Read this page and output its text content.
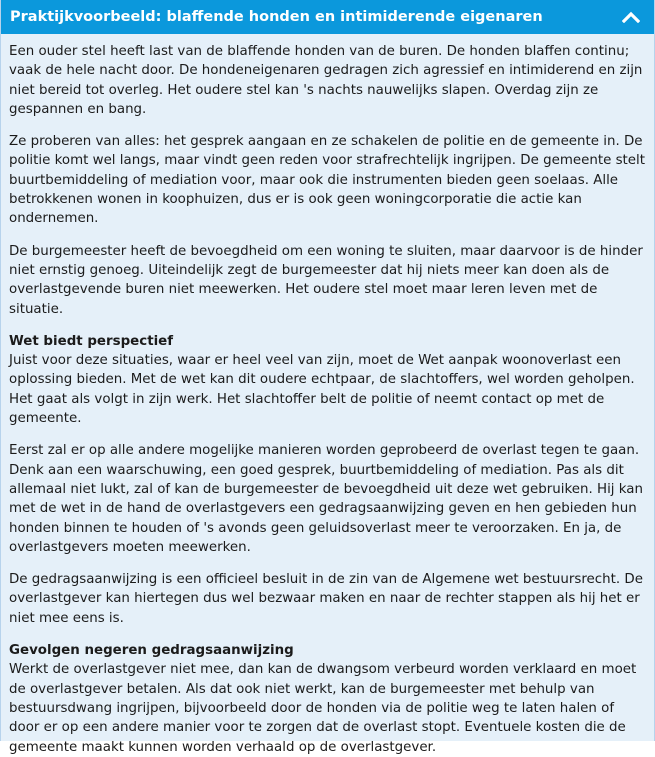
Praktijkvoorbeeld: blaffende honden en intimiderende eigenaren

Een ouder stel heeft last van de blaffende honden van de buren. De honden blaffen continu; vaak de hele nacht door. De hondeneigenaren gedragen zich agressief en intimiderend en zijn niet bereid tot overleg. Het oudere stel kan 's nachts nauwelijks slapen. Overdag zijn ze gespannen en bang.

Ze proberen van alles: het gesprek aangaan en ze schakelen de politie en de gemeente in. De politie komt wel langs, maar vindt geen reden voor strafrechtelijk ingrijpen. De gemeente stelt buurtbemiddeling of mediation voor, maar ook die instrumenten bieden geen soelaas. Alle betrokkenen wonen in koophuizen, dus er is ook geen woningcorporatie die actie kan ondernemen.

De burgemeester heeft de bevoegdheid om een woning te sluiten, maar daarvoor is de hinder niet ernstig genoeg. Uiteindelijk zegt de burgemeester dat hij niets meer kan doen als de overlastgevende buren niet meewerken. Het oudere stel moet maar leren leven met de situatie.

Wet biedt perspectief

Juist voor deze situaties, waar er heel veel van zijn, moet de Wet aanpak woonoverlast een oplossing bieden. Met de wet kan dit oudere echtpaar, de slachtoffers, wel worden geholpen. Het gaat als volgt in zijn werk. Het slachtoffer belt de politie of neemt contact op met de gemeente.

Eerst zal er op alle andere mogelijke manieren worden geprobeerd de overlast tegen te gaan. Denk aan een waarschuwing, een goed gesprek, buurtbemiddeling of mediation. Pas als dit allemaal niet lukt, zal of kan de burgemeester de bevoegdheid uit deze wet gebruiken. Hij kan met de wet in de hand de overlastgevers een gedragsaanwijzing geven en hen gebieden hun honden binnen te houden of 's avonds geen geluidsoverlast meer te veroorzaken. En ja, de overlastgevers moeten meewerken.

De gedragsaanwijzing is een officieel besluit in de zin van de Algemene wet bestuursrecht. De overlastgever kan hiertegen dus wel bezwaar maken en naar de rechter stappen als hij het er niet mee eens is.

Gevolgen negeren gedragsaanwijzing

Werkt de overlastgever niet mee, dan kan de dwangsom verbeurd worden verklaard en moet de overlastgever betalen. Als dat ook niet werkt, kan de burgemeester met behulp van bestuursdwang ingrijpen, bijvoorbeeld door de honden via de politie weg te laten halen of door er op een andere manier voor te zorgen dat de overlast stopt. Eventuele kosten die de gemeente maakt kunnen worden verhaald op de overlastgever.
